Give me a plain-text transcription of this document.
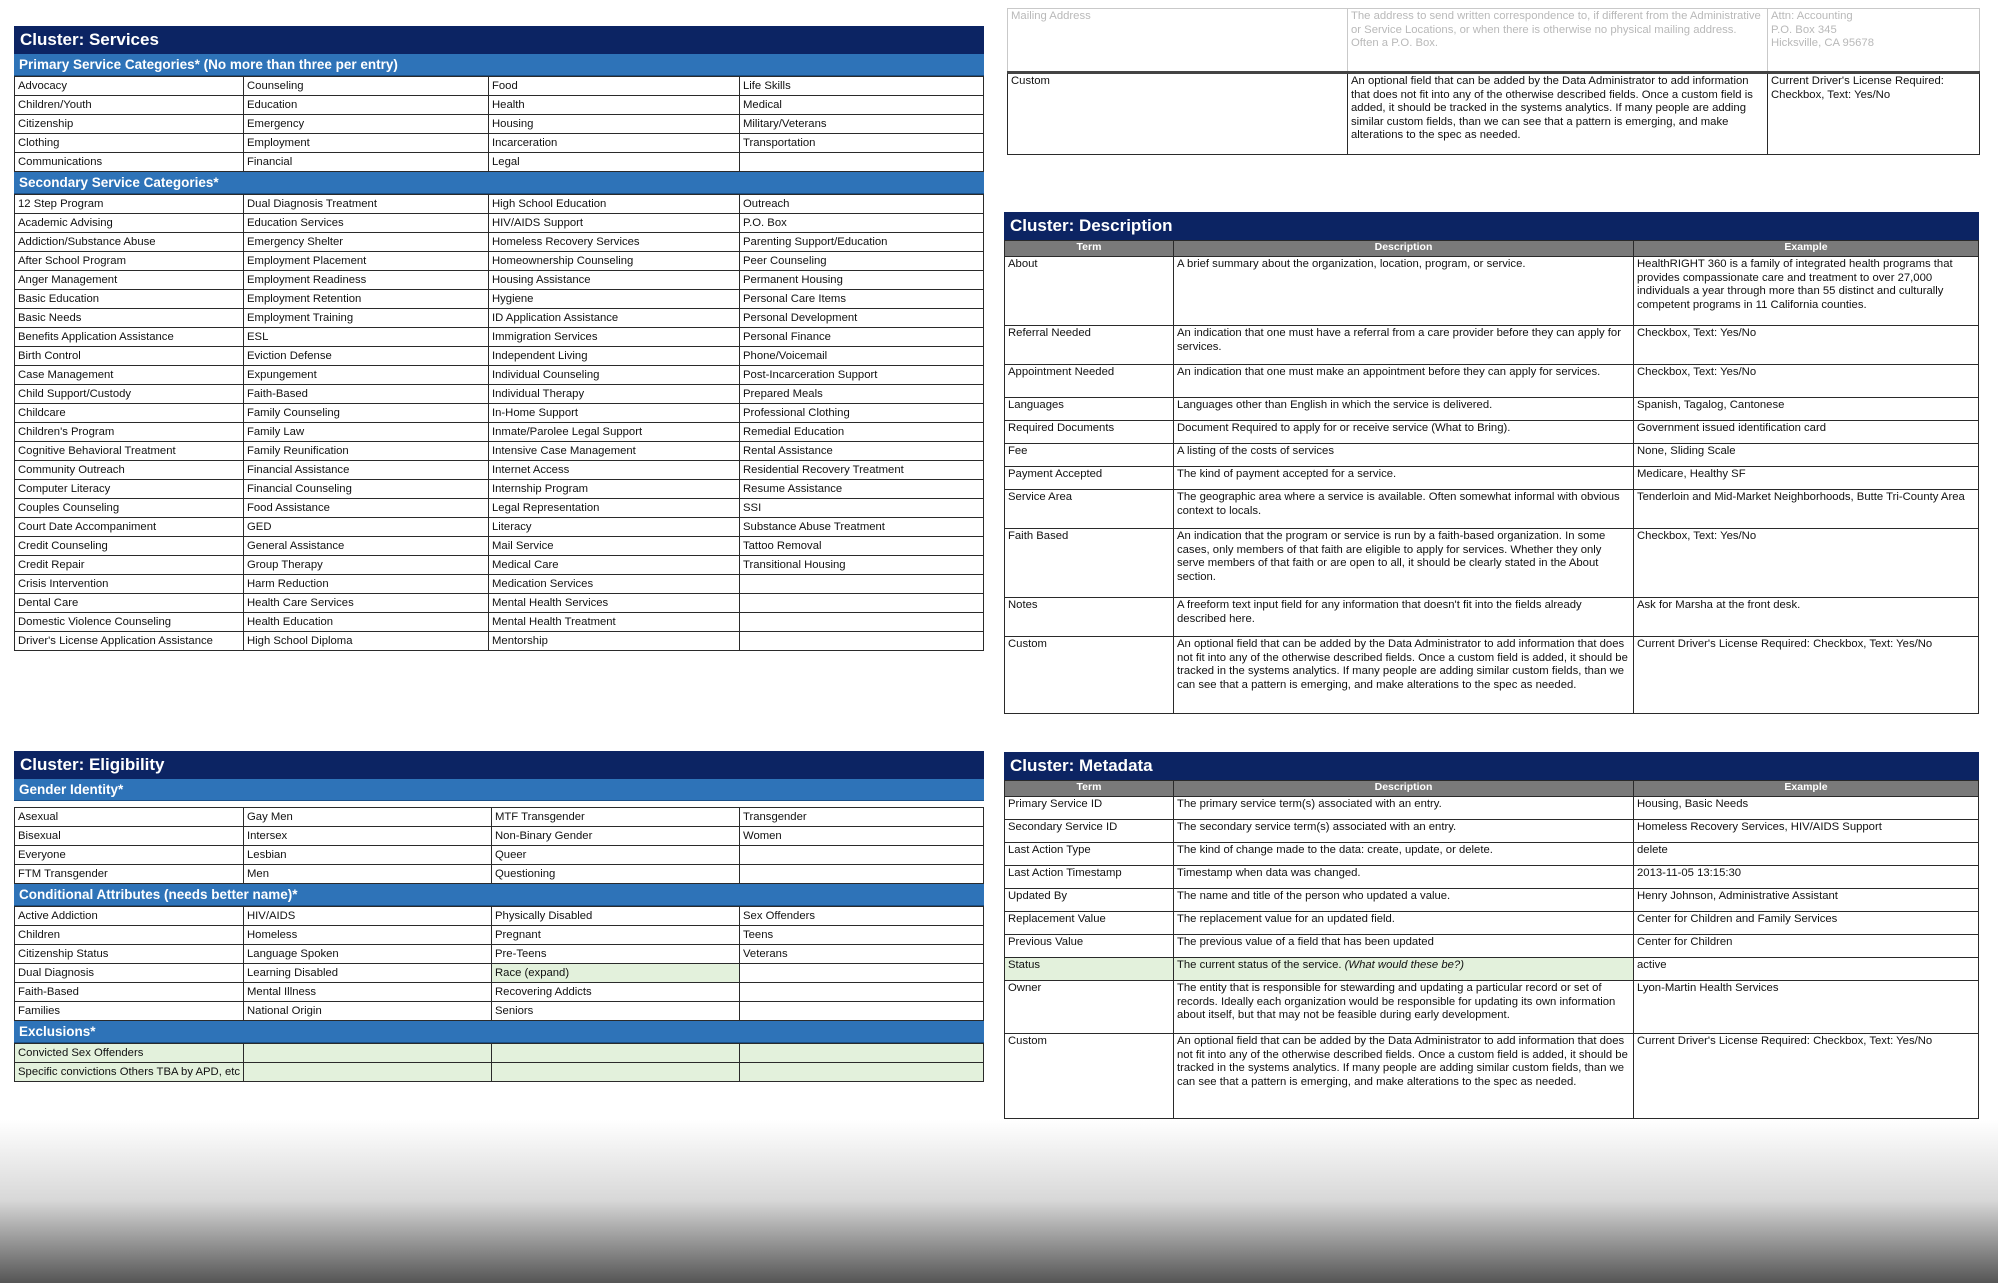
Cluster: Services
Primary Service Categories* (No more than three per entry)
Advocacy	Counseling	Food	Life Skills
Children/Youth	Education	Health	Medical
Citizenship	Emergency	Housing	Military/Veterans
Clothing	Employment	Incarceration	Transportation
Communications	Financial	Legal	
Secondary Service Categories*
12 Step Program	Dual Diagnosis Treatment	High School Education	Outreach
Academic Advising	Education Services	HIV/AIDS Support	P.O. Box
Addiction/Substance Abuse	Emergency Shelter	Homeless Recovery Services	Parenting Support/Education
After School Program	Employment Placement	Homeownership Counseling	Peer Counseling
Anger Management	Employment Readiness	Housing Assistance	Permanent Housing
Basic Education	Employment Retention	Hygiene	Personal Care Items
Basic Needs	Employment Training	ID Application Assistance	Personal Development
Benefits Application Assistance	ESL	Immigration Services	Personal Finance
Birth Control	Eviction Defense	Independent Living	Phone/Voicemail
Case Management	Expungement	Individual Counseling	Post-Incarceration Support
Child Support/Custody	Faith-Based	Individual Therapy	Prepared Meals
Childcare	Family Counseling	In-Home Support	Professional Clothing
Children's Program	Family Law	Inmate/Parolee Legal Support	Remedial Education
Cognitive Behavioral Treatment	Family Reunification	Intensive Case Management	Rental Assistance
Community Outreach	Financial Assistance	Internet Access	Residential Recovery Treatment
Computer Literacy	Financial Counseling	Internship Program	Resume Assistance
Couples Counseling	Food Assistance	Legal Representation	SSI
Court Date Accompaniment	GED	Literacy	Substance Abuse Treatment
Credit Counseling	General Assistance	Mail Service	Tattoo Removal
Credit Repair	Group Therapy	Medical Care	Transitional Housing
Crisis Intervention	Harm Reduction	Medication Services	
Dental Care	Health Care Services	Mental Health Services	
Domestic Violence Counseling	Health Education	Mental Health Treatment	
Driver's License Application Assistance	High School Diploma	Mentorship	
Cluster: Eligibility
Gender Identity*
Asexual	Gay Men	MTF Transgender	Transgender
Bisexual	Intersex	Non-Binary Gender	Women
Everyone	Lesbian	Queer	
FTM Transgender	Men	Questioning	
Conditional Attributes (needs better name)*
Active Addiction	HIV/AIDS	Physically Disabled	Sex Offenders
Children	Homeless	Pregnant	Teens
Citizenship Status	Language Spoken	Pre-Teens	Veterans
Dual Diagnosis	Learning Disabled	Race (expand)	
Faith-Based	Mental Illness	Recovering Addicts	
Families	National Origin	Seniors	
Exclusions*
Convicted Sex Offenders			
Specific convictions Others TBA by APD, etc			
Mailing Address	The address to send written correspondence to, if different from the Administrative or Service Locations, or when there is otherwise no physical mailing address. Often a P.O. Box.	Attn: Accounting
P.O. Box 345
Hicksville, CA 95678
Custom	An optional field that can be added by the Data Administrator to add information that does not fit into any of the otherwise described fields. Once a custom field is added, it should be tracked in the systems analytics. If many people are adding similar custom fields, than we can see that a pattern is emerging, and make alterations to the spec as needed.	Current Driver's License Required: Checkbox, Text: Yes/No
Cluster: Description
Term	Description	Example
About	A brief summary about the organization, location, program, or service.	HealthRIGHT 360 is a family of integrated health programs that provides compassionate care and treatment to over 27,000 individuals a year through more than 55 distinct and culturally competent programs in 11 California counties.
Referral Needed	An indication that one must have a referral from a care provider before they can apply for services.	Checkbox, Text: Yes/No
Appointment Needed	An indication that one must make an appointment before they can apply for services.	Checkbox, Text: Yes/No
Languages	Languages other than English in which the service is delivered.	Spanish, Tagalog, Cantonese
Required Documents	Document Required to apply for or receive service (What to Bring).	Government issued identification card
Fee	A listing of the costs of services	None, Sliding Scale
Payment Accepted	The kind of payment accepted for a service.	Medicare, Healthy SF
Service Area	The geographic area where a service is available. Often somewhat informal with obvious context to locals.	Tenderloin and Mid-Market Neighborhoods, Butte Tri-County Area
Faith Based	An indication that the program or service is run by a faith-based organization. In some cases, only members of that faith are eligible to apply for services. Whether they only serve members of that faith or are open to all, it should be clearly stated in the About section.	Checkbox, Text: Yes/No
Notes	A freeform text input field for any information that doesn't fit into the fields already described here.	Ask for Marsha at the front desk.
Custom	An optional field that can be added by the Data Administrator to add information that does not fit into any of the otherwise described fields. Once a custom field is added, it should be tracked in the systems analytics. If many people are adding similar custom fields, than we can see that a pattern is emerging, and make alterations to the spec as needed.	Current Driver's License Required: Checkbox, Text: Yes/No
Cluster: Metadata
Term	Description	Example
Primary Service ID	The primary service term(s) associated with an entry.	Housing, Basic Needs
Secondary Service ID	The secondary service term(s) associated with an entry.	Homeless Recovery Services, HIV/AIDS Support
Last Action Type	The kind of change made to the data: create, update, or delete.	delete
Last Action Timestamp	Timestamp when data was changed.	2013-11-05 13:15:30
Updated By	The name and title of the person who updated a value.	Henry Johnson, Administrative Assistant
Replacement Value	The replacement value for an updated field.	Center for Children and Family Services
Previous Value	The previous value of a field that has been updated	Center for Children
Status	The current status of the service. (What would these be?)	active
Owner	The entity that is responsible for stewarding and updating a particular record or set of records. Ideally each organization would be responsible for updating its own information about itself, but that may not be feasible during early development.	Lyon-Martin Health Services
Custom	An optional field that can be added by the Data Administrator to add information that does not fit into any of the otherwise described fields. Once a custom field is added, it should be tracked in the systems analytics. If many people are adding similar custom fields, than we can see that a pattern is emerging, and make alterations to the spec as needed.	Current Driver's License Required: Checkbox, Text: Yes/No
